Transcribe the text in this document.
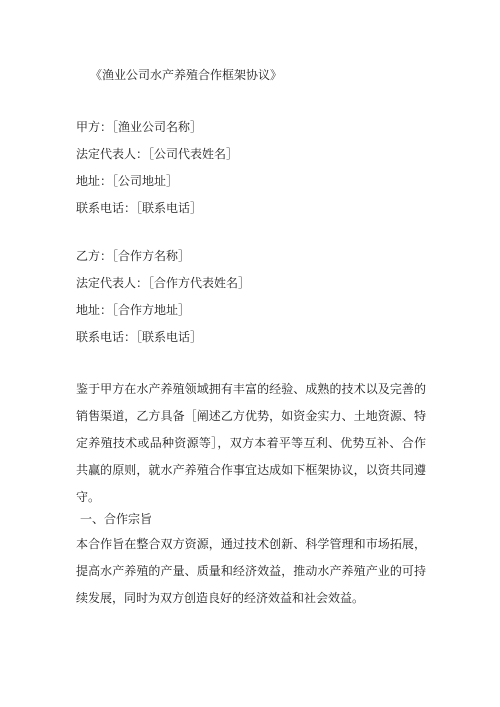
《渔业公司水产养殖合作框架协议》
甲方：［渔业公司名称］
法定代表人：［公司代表姓名］
地址：［公司地址］
联系电话：［联系电话］
乙方：［合作方名称］
法定代表人：［合作方代表姓名］
地址：［合作方地址］
联系电话：［联系电话］

鉴于甲方在水产养殖领域拥有丰富的经验、成熟的技术以及完善的销售渠道，乙方具备［阐述乙方优势，如资金实力、土地资源、特定养殖技术或品种资源等］，双方本着平等互利、优势互补、合作共赢的原则，就水产养殖合作事宜达成如下框架协议，以资共同遵守。

一、合作宗旨

本合作旨在整合双方资源，通过技术创新、科学管理和市场拓展，提高水产养殖的产量、质量和经济效益，推动水产养殖产业的可持续发展，同时为双方创造良好的经济效益和社会效益。
